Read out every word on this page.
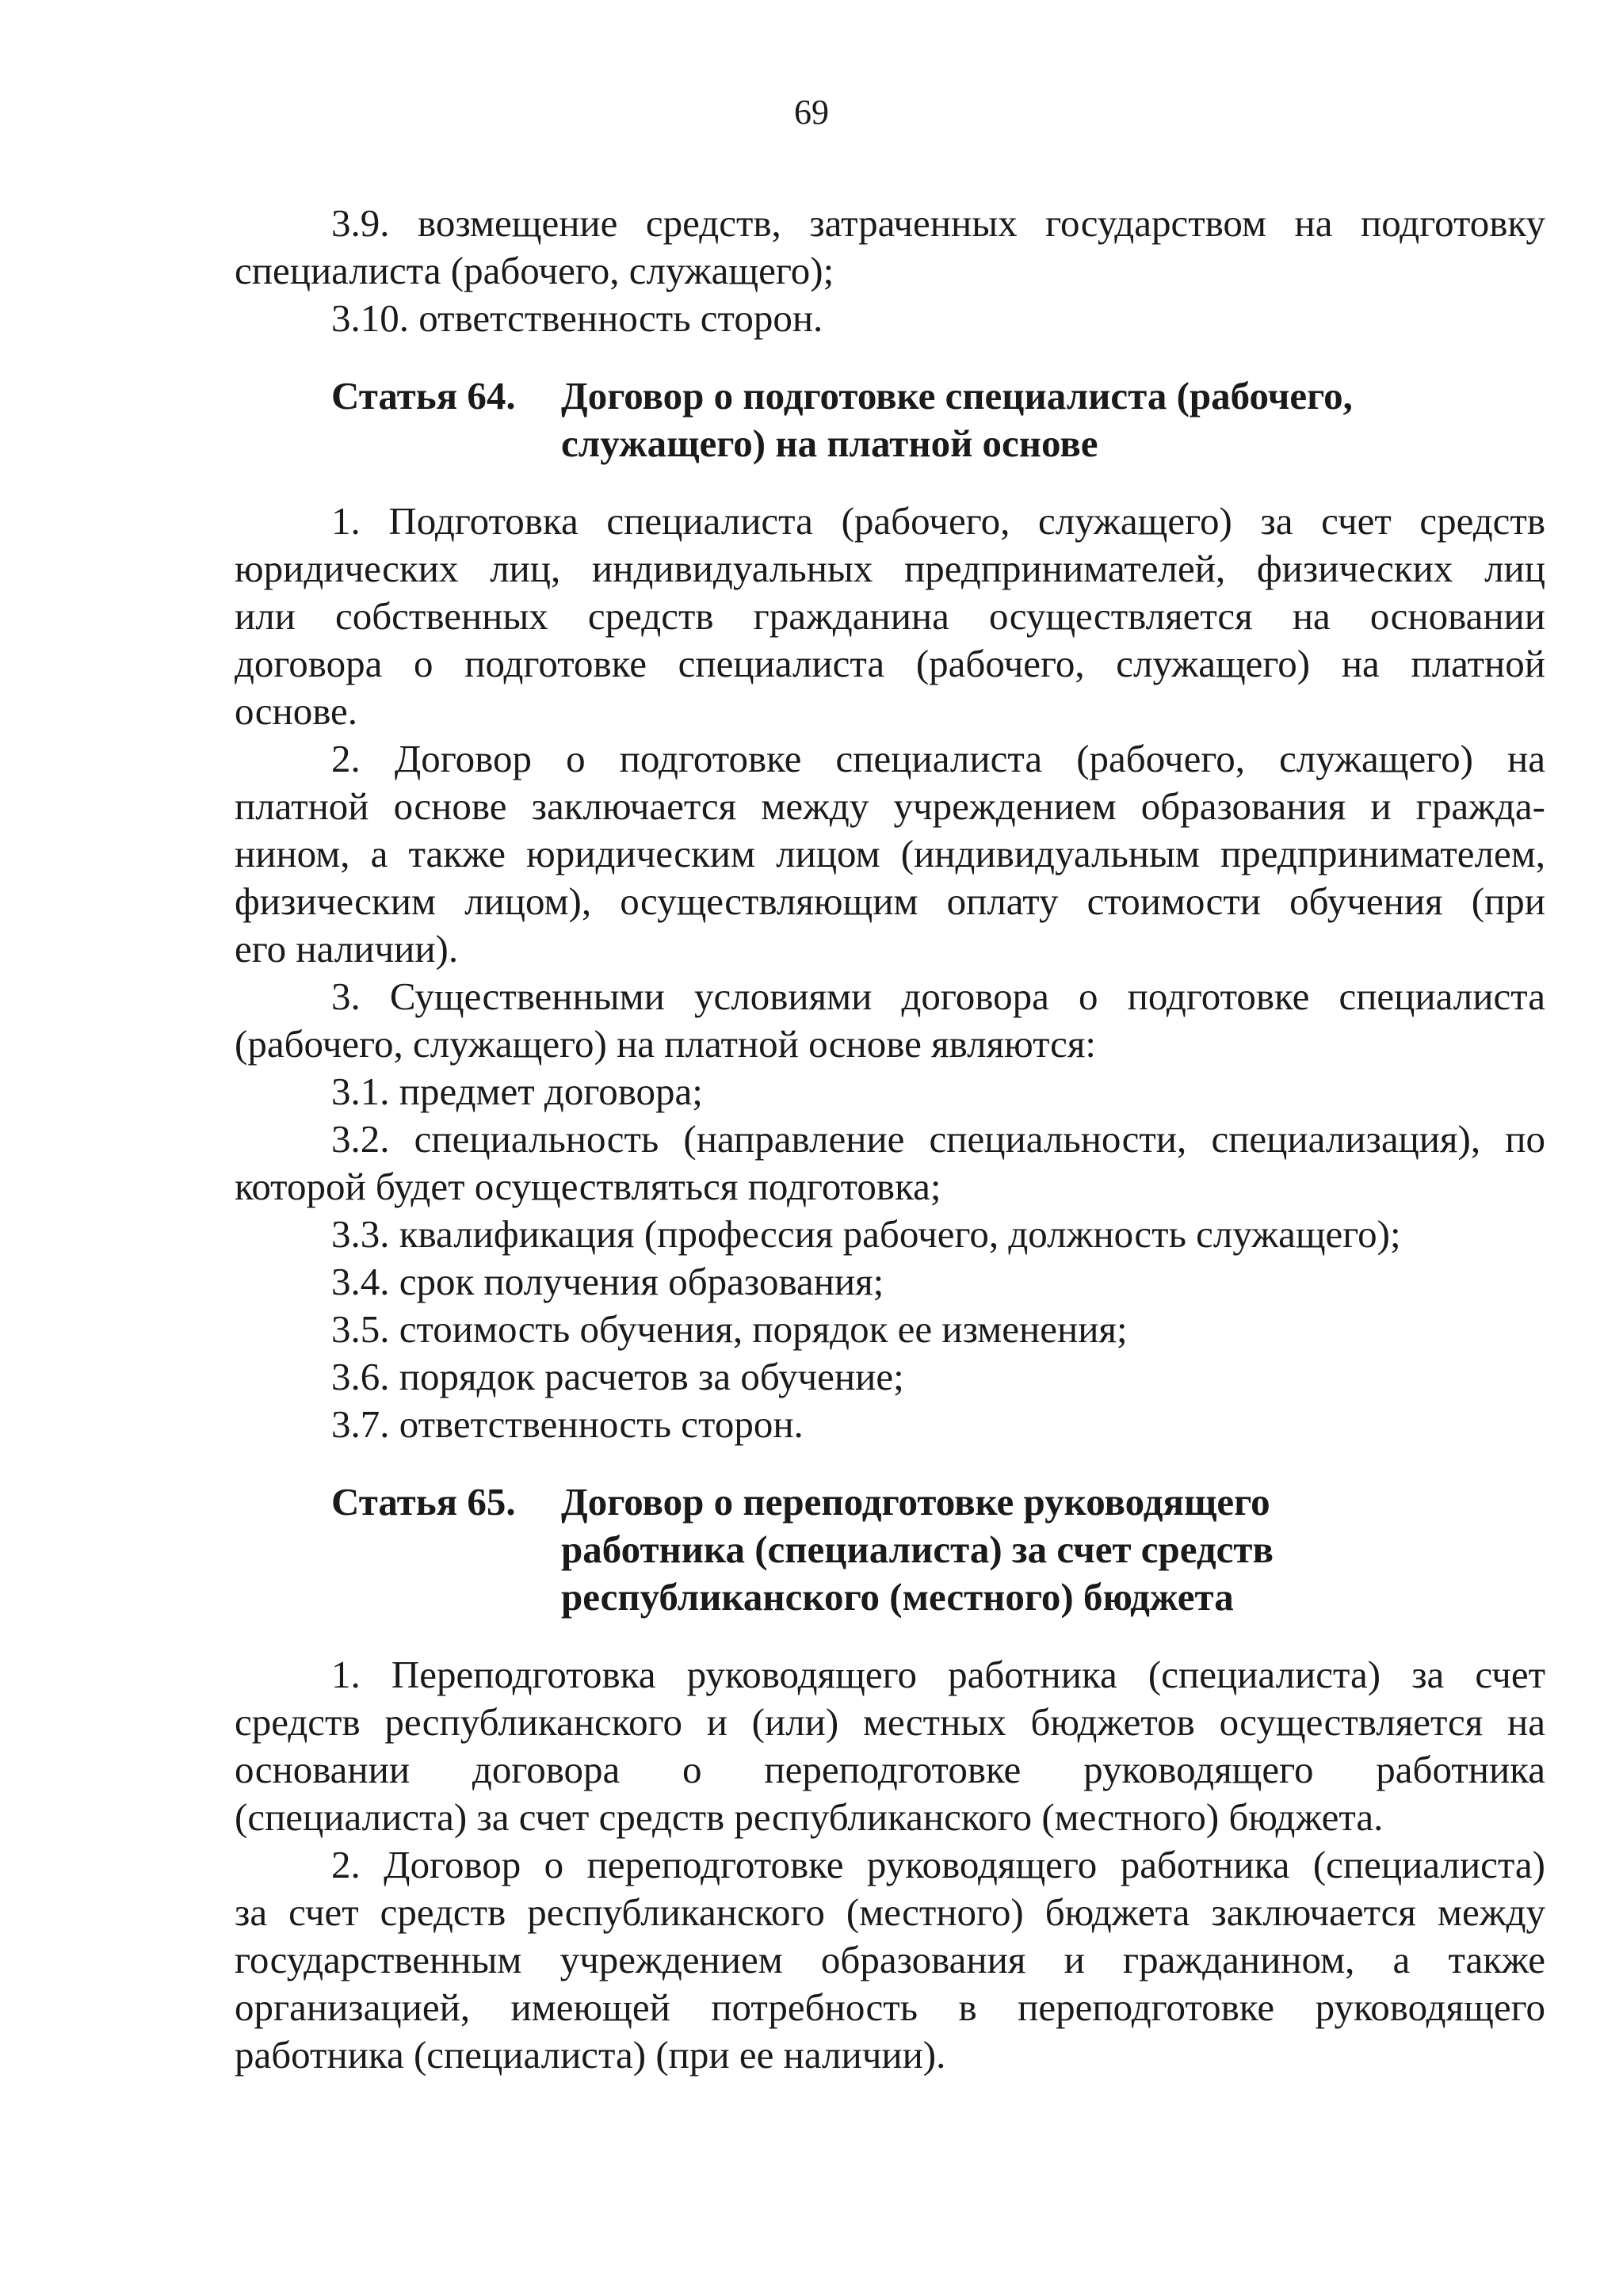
69
3.9. возмещение средств, затраченных государством на подготовку
специалиста (рабочего, служащего);
3.10. ответственность сторон.
Статья 64. Договор о подготовке специалиста (рабочего,
служащего) на платной основе
1. Подготовка специалиста (рабочего, служащего) за счет средств
юридических лиц, индивидуальных предпринимателей, физических лиц
или собственных средств гражданина осуществляется на основании
договора о подготовке специалиста (рабочего, служащего) на платной
основе.
2. Договор о подготовке специалиста (рабочего, служащего) на
платной основе заключается между учреждением образования и гражда-
нином, а также юридическим лицом (индивидуальным предпринимателем,
физическим лицом), осуществляющим оплату стоимости обучения (при
его наличии).
3. Существенными условиями договора о подготовке специалиста
(рабочего, служащего) на платной основе являются:
3.1. предмет договора;
3.2. специальность (направление специальности, специализация), по
которой будет осуществляться подготовка;
3.3. квалификация (профессия рабочего, должность служащего);
3.4. срок получения образования;
3.5. стоимость обучения, порядок ее изменения;
3.6. порядок расчетов за обучение;
3.7. ответственность сторон.
Статья 65. Договор о переподготовке руководящего
работника (специалиста) за счет средств
республиканского (местного) бюджета
1. Переподготовка руководящего работника (специалиста) за счет
средств республиканского и (или) местных бюджетов осуществляется на
основании договора о переподготовке руководящего работника
(специалиста) за счет средств республиканского (местного) бюджета.
2. Договор о переподготовке руководящего работника (специалиста)
за счет средств республиканского (местного) бюджета заключается между
государственным учреждением образования и гражданином, а также
организацией, имеющей потребность в переподготовке руководящего
работника (специалиста) (при ее наличии).
